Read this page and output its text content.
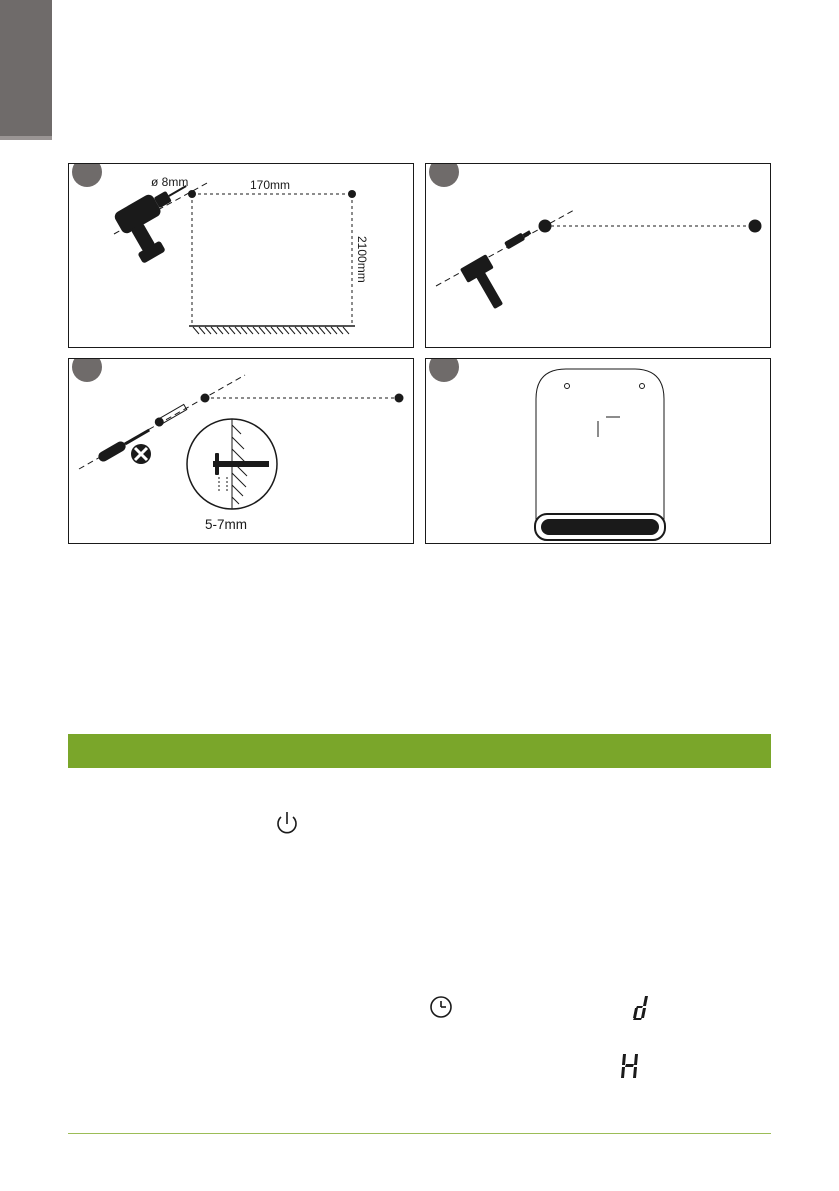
ø 8mm	170mm
2100mm
5-7mm
